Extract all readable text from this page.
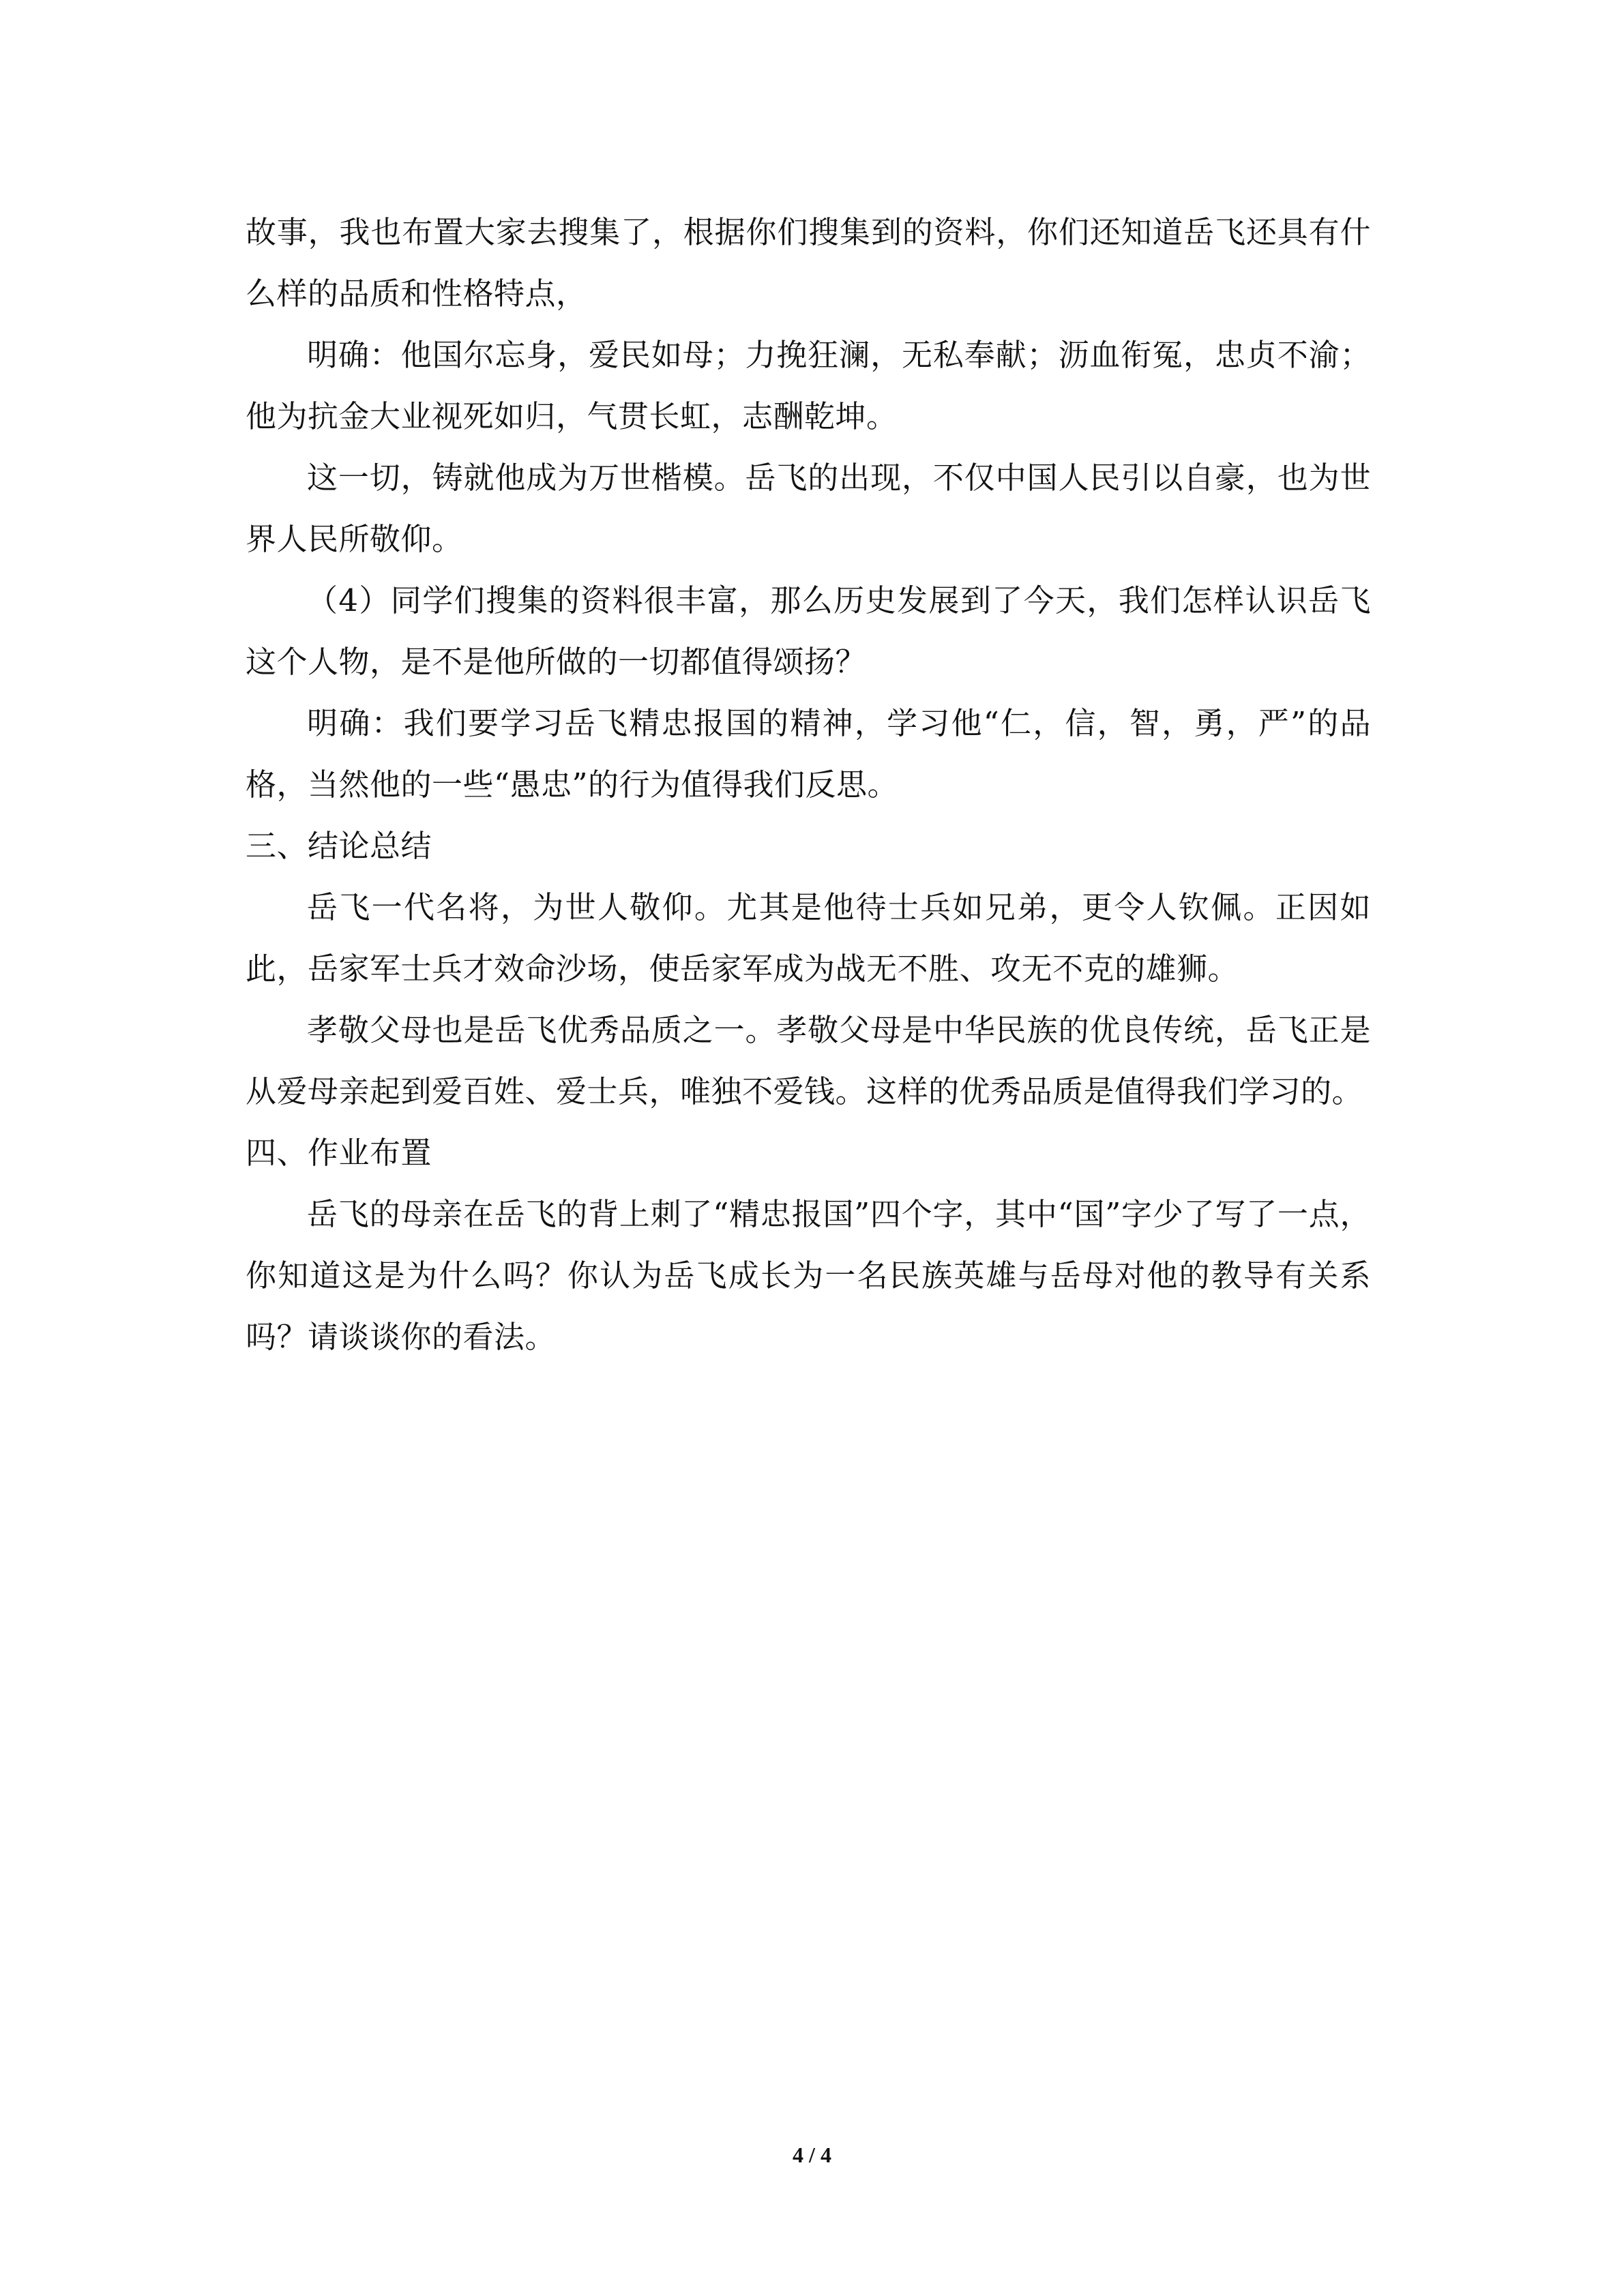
故事，我也布置大家去搜集了，根据你们搜集到的资料，你们还知道岳飞还具有什么样的品质和性格特点，

明确：他国尔忘身，爱民如母；力挽狂澜，无私奉献；沥血衔冤，忠贞不渝；他为抗金大业视死如归，气贯长虹，志酬乾坤。

这一切，铸就他成为万世楷模。岳飞的出现，不仅中国人民引以自豪，也为世界人民所敬仰。

（4）同学们搜集的资料很丰富，那么历史发展到了今天，我们怎样认识岳飞这个人物，是不是他所做的一切都值得颂扬？

明确：我们要学习岳飞精忠报国的精神，学习他“仁，信，智，勇，严”的品格，当然他的一些“愚忠”的行为值得我们反思。

三、结论总结

岳飞一代名将，为世人敬仰。尤其是他待士兵如兄弟，更令人钦佩。正因如此，岳家军士兵才效命沙场，使岳家军成为战无不胜、攻无不克的雄狮。

孝敬父母也是岳飞优秀品质之一。孝敬父母是中华民族的优良传统，岳飞正是从爱母亲起到爱百姓、爱士兵，唯独不爱钱。这样的优秀品质是值得我们学习的。

四、作业布置

岳飞的母亲在岳飞的背上刺了“精忠报国”四个字，其中“国”字少了写了一点，你知道这是为什么吗？你认为岳飞成长为一名民族英雄与岳母对他的教导有关系吗？请谈谈你的看法。

4 / 4
